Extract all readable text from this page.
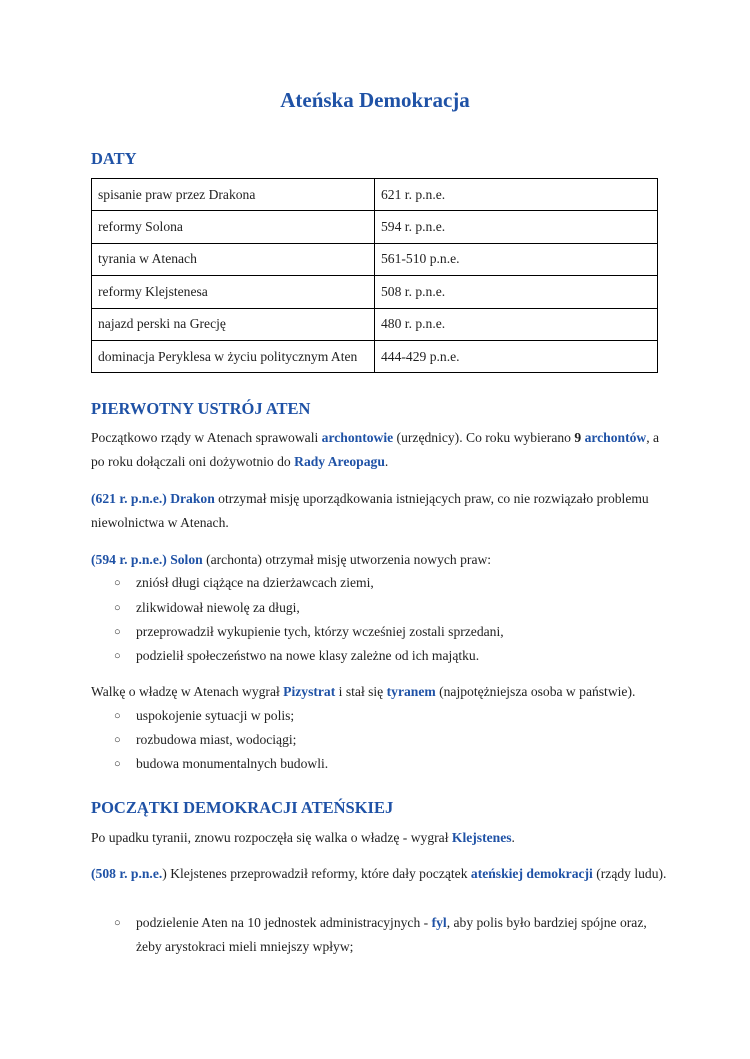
Ateńska Demokracja
DATY
spisanie praw przez Drakona	621 r. p.n.e.
reformy Solona	594 r. p.n.e.
tyrania w Atenach	561-510 p.n.e.
reformy Klejstenesa	508 r. p.n.e.
najazd perski na Grecję	480 r. p.n.e.
dominacja Peryklesa w życiu politycznym Aten	444-429 p.n.e.
PIERWOTNY USTRÓJ ATEN
Początkowo rządy w Atenach sprawowali archontowie (urzędnicy). Co roku wybierano 9 archontów, a po roku dołączali oni dożywotnio do Rady Areopagu.
(621 r. p.n.e.) Drakon otrzymał misję uporządkowania istniejących praw, co nie rozwiązało problemu niewolnictwa w Atenach.
(594 r. p.n.e.) Solon (archonta) otrzymał misję utworzenia nowych praw:
○	zniósł długi ciążące na dzierżawcach ziemi,
○	zlikwidował niewolę za długi,
○	przeprowadził wykupienie tych, którzy wcześniej zostali sprzedani,
○	podzielił społeczeństwo na nowe klasy zależne od ich majątku.
Walkę o władzę w Atenach wygrał Pizystrat i stał się tyranem (najpotężniejsza osoba w państwie).
○	uspokojenie sytuacji w polis;
○	rozbudowa miast, wodociągi;
○	budowa monumentalnych budowli.
POCZĄTKI DEMOKRACJI ATEŃSKIEJ
Po upadku tyranii, znowu rozpoczęła się walka o władzę - wygrał Klejstenes.
(508 r. p.n.e.) Klejstenes przeprowadził reformy, które dały początek ateńskiej demokracji (rządy ludu).
○	podzielenie Aten na 10 jednostek administracyjnych - fyl, aby polis było bardziej spójne oraz, żeby arystokraci mieli mniejszy wpływ;
